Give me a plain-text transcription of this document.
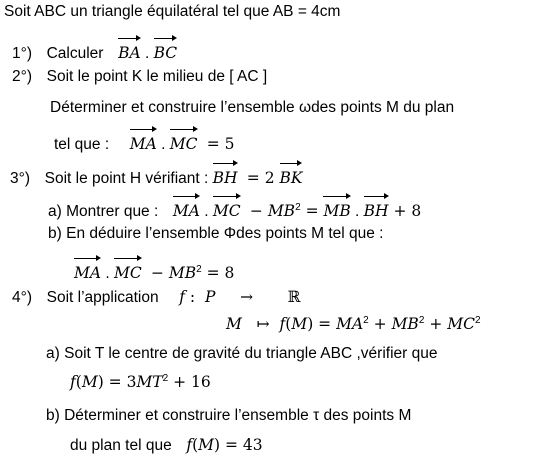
Soit ABC un triangle équilatéral tel que AB = 4cm
1°) Calculer BA . BC
2°) Soit le point K le milieu de [ AC ]
Déterminer et construire l’ensemble ωdes points M du plan
tel que : MA . MC  = 5
3°) Soit le point H vérifiant : BH  = 2 BK
a) Montrer que : MA . MC  − $MB^2$ = MB . BH + 8
b) En déduire l’ensemble Φdes points M tel que :
MA . MC  − $MB^2 = 8$
4°) Soit l’application f :  P     →       ℝ
M   ↦  $f(M) = MA^2 + MB^2 + MC^2$
a) Soit T le centre de gravité du triangle ABC ,vérifier que
$f(M) = 3MT^2 + 16$
b) Déterminer et construire l’ensemble τ des points M
du plan tel que f(M) = 43
